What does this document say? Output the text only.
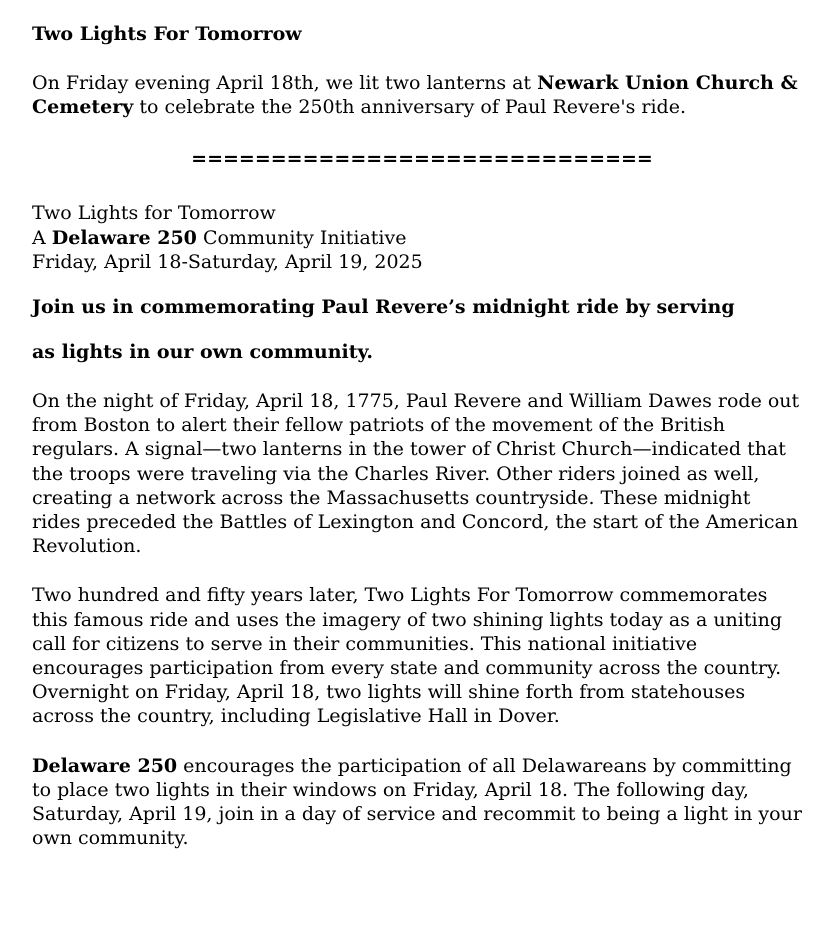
Two Lights For Tomorrow

On Friday evening April 18th, we lit two lanterns at Newark Union Church & Cemetery to celebrate the 250th anniversary of Paul Revere's ride.

=============================
Two Lights for Tomorrow
A Delaware 250 Community Initiative
Friday, April 18-Saturday, April 19, 2025
Join us in commemorating Paul Revere’s midnight ride by serving
as lights in our own community.

On the night of Friday, April 18, 1775, Paul Revere and William Dawes rode out from Boston to alert their fellow patriots of the movement of the British regulars. A signal—two lanterns in the tower of Christ Church—indicated that the troops were traveling via the Charles River. Other riders joined as well, creating a network across the Massachusetts countryside. These midnight rides preceded the Battles of Lexington and Concord, the start of the American Revolution.

Two hundred and fifty years later, Two Lights For Tomorrow commemorates this famous ride and uses the imagery of two shining lights today as a uniting call for citizens to serve in their communities. This national initiative encourages participation from every state and community across the country. Overnight on Friday, April 18, two lights will shine forth from statehouses across the country, including Legislative Hall in Dover.

Delaware 250 encourages the participation of all Delawareans by committing to place two lights in their windows on Friday, April 18. The following day, Saturday, April 19, join in a day of service and recommit to being a light in your own community.
